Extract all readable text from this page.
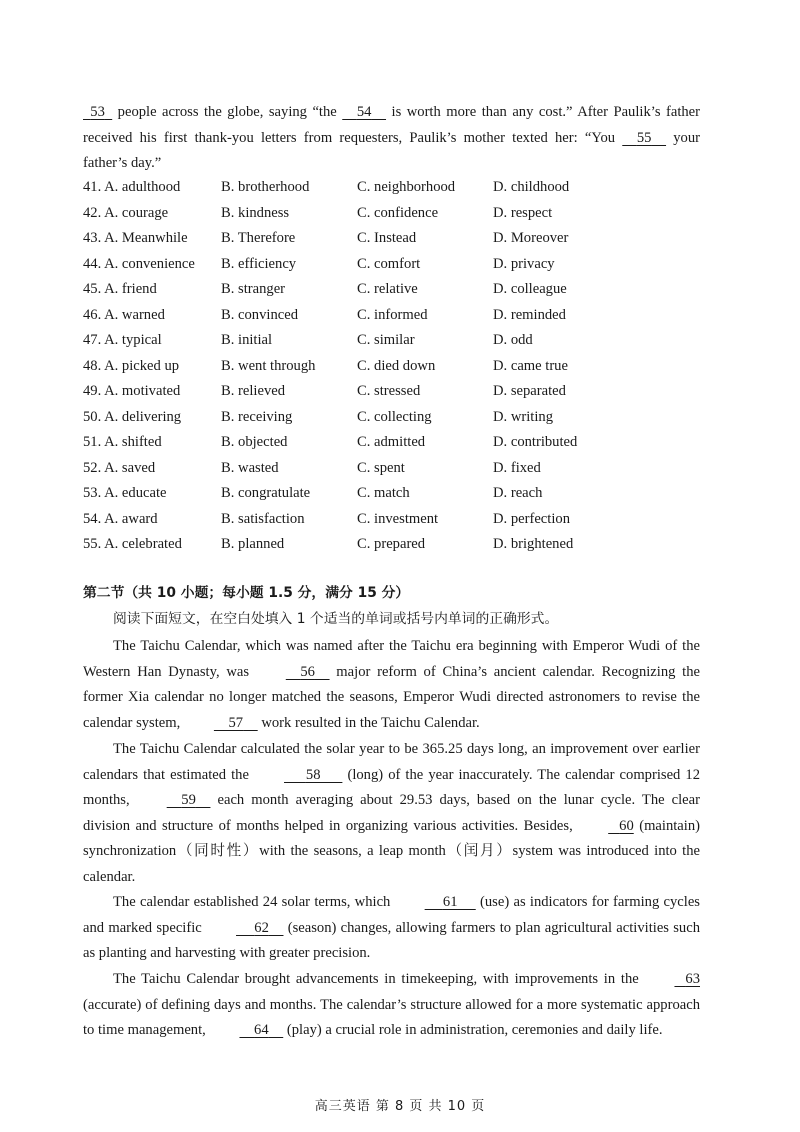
53   people across the globe, saying “the     54     is worth more than any cost.” After Paulik’s father received his first thank-you letters from requesters, Paulik’s mother texted her: “You     55     your father’s day.”

41. A. adulthood	B. brotherhood	C. neighborhood	D. childhood
42. A. courage	B. kindness	C. confidence	D. respect
43. A. Meanwhile B. Therefore	C. Instead	D. Moreover
44. A. convenience B. efficiency	C. comfort	D. privacy
45. A. friend	B. stranger	C. relative	D. colleague
46. A. warned	B. convinced	C. informed	D. reminded
47. A. typical	B. initial	C. similar	D. odd
48. A. picked up	B. went through	C. died down	D. came true
49. A. motivated	B. relieved	C. stressed	D. separated
50. A. delivering	B. receiving	C. collecting	D. writing
51. A. shifted	B. objected	C. admitted	D. contributed
52. A. saved	B. wasted	C. spent	D. fixed
53. A. educate	B. congratulate	C. match	D. reach
54. A. award	B. satisfaction	C. investment	D. perfection
55. A. celebrated	B. planned	C. prepared	D. brightened
第二节（共 10 小题；每小题 1.5 分，满分 15 分）
阅读下面短文，在空白处填入 1 个适当的单词或括号内单词的正确形式。

The Taichu Calendar, which was named after the Taichu era beginning with Emperor Wudi of the Western Han Dynasty, was	56     major reform of China’s ancient calendar. Recognizing the former Xia calendar no longer matched the seasons, Emperor Wudi directed astronomers to revise the calendar system,	57     work resulted in the Taichu Calendar.

The Taichu Calendar calculated the solar year to be 365.25 days long, an improvement over earlier calendars that estimated the	58       (long) of the year inaccurately. The calendar comprised 12 months,	59     each month averaging about 29.53 days, based on the lunar cycle. The clear division and structure of months helped in organizing various activities. Besides,	60 (maintain) synchronization（同时性）with the seasons, a leap month（闰月）system was introduced into the calendar.

The calendar established 24 solar terms, which	61      (use) as indicators for farming cycles and marked specific	62     (season) changes, allowing farmers to plan agricultural activities such as planting and harvesting with greater precision.

The Taichu Calendar brought advancements in timekeeping, with improvements in the	63 (accurate) of defining days and months. The calendar’s structure allowed for a more systematic approach to time management,	64     (play) a crucial role in administration, ceremonies and daily life.

高三英语 第 8 页 共 10 页
